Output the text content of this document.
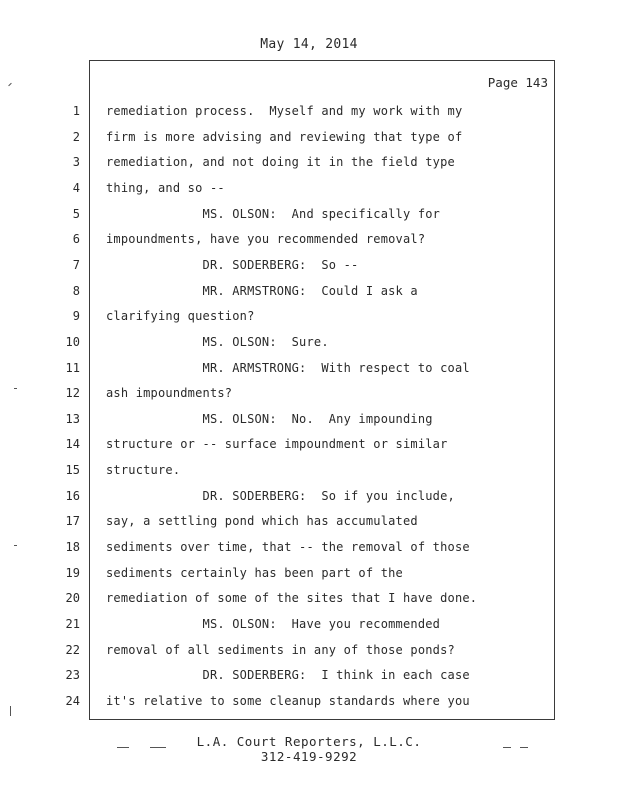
May 14, 2014
Page 143
1 remediation process.  Myself and my work with my
2 firm is more advising and reviewing that type of
3 remediation, and not doing it in the field type
4 thing, and so --
5 MS. OLSON:  And specifically for
6 impoundments, have you recommended removal?
7 DR. SODERBERG:  So --
8 MR. ARMSTRONG:  Could I ask a
9 clarifying question?
10 MS. OLSON:  Sure.
11 MR. ARMSTRONG:  With respect to coal
12 ash impoundments?
13 MS. OLSON:  No.  Any impounding
14 structure or -- surface impoundment or similar
15 structure.
16 DR. SODERBERG:  So if you include,
17 say, a settling pond which has accumulated
18 sediments over time, that -- the removal of those
19 sediments certainly has been part of the
20 remediation of some of the sites that I have done.
21 MS. OLSON:  Have you recommended
22 removal of all sediments in any of those ponds?
23 DR. SODERBERG:  I think in each case
24 it's relative to some cleanup standards where you
L.A. Court Reporters, L.L.C.
312-419-9292
